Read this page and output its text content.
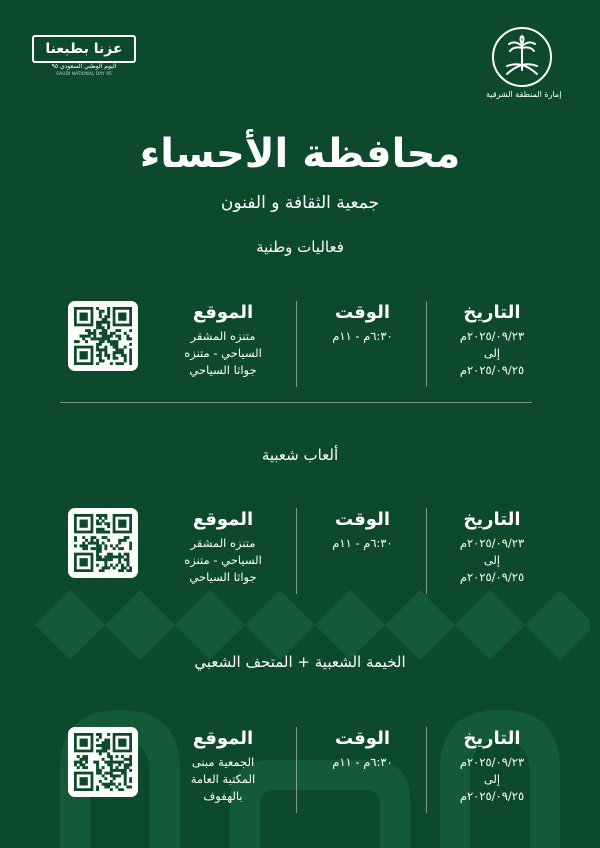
عزنا بطبعنا
اليوم الوطني السعودي ٩٥
SAUDI NATIONAL DAY 95
إمارة المنطقة الشرقية
محافظة الأحساء
جمعية الثقافة و الفنون
فعاليات وطنية
التاريخ
٢٠٢٥/٠٩/٢٣م
إلى
٢٠٢٥/٠٩/٢٥م
الوقت
٦:٣٠م - ١١م
الموقع
متنزه المشقر
السياحي - متنزه
جواثا السياحي
ألعاب شعبية
التاريخ
٢٠٢٥/٠٩/٢٣م
إلى
٢٠٢٥/٠٩/٢٥م
الوقت
٦:٣٠م - ١١م
الموقع
متنزه المشقر
السياحي - متنزه
جواثا السياحي
الخيمة الشعبية + المتحف الشعبي
التاريخ
٢٠٢٥/٠٩/٢٣م
إلى
٢٠٢٥/٠٩/٢٥م
الوقت
٦:٣٠م - ١١م
الموقع
الجمعية مبنى
المكتبة العامة
بالهفوف
